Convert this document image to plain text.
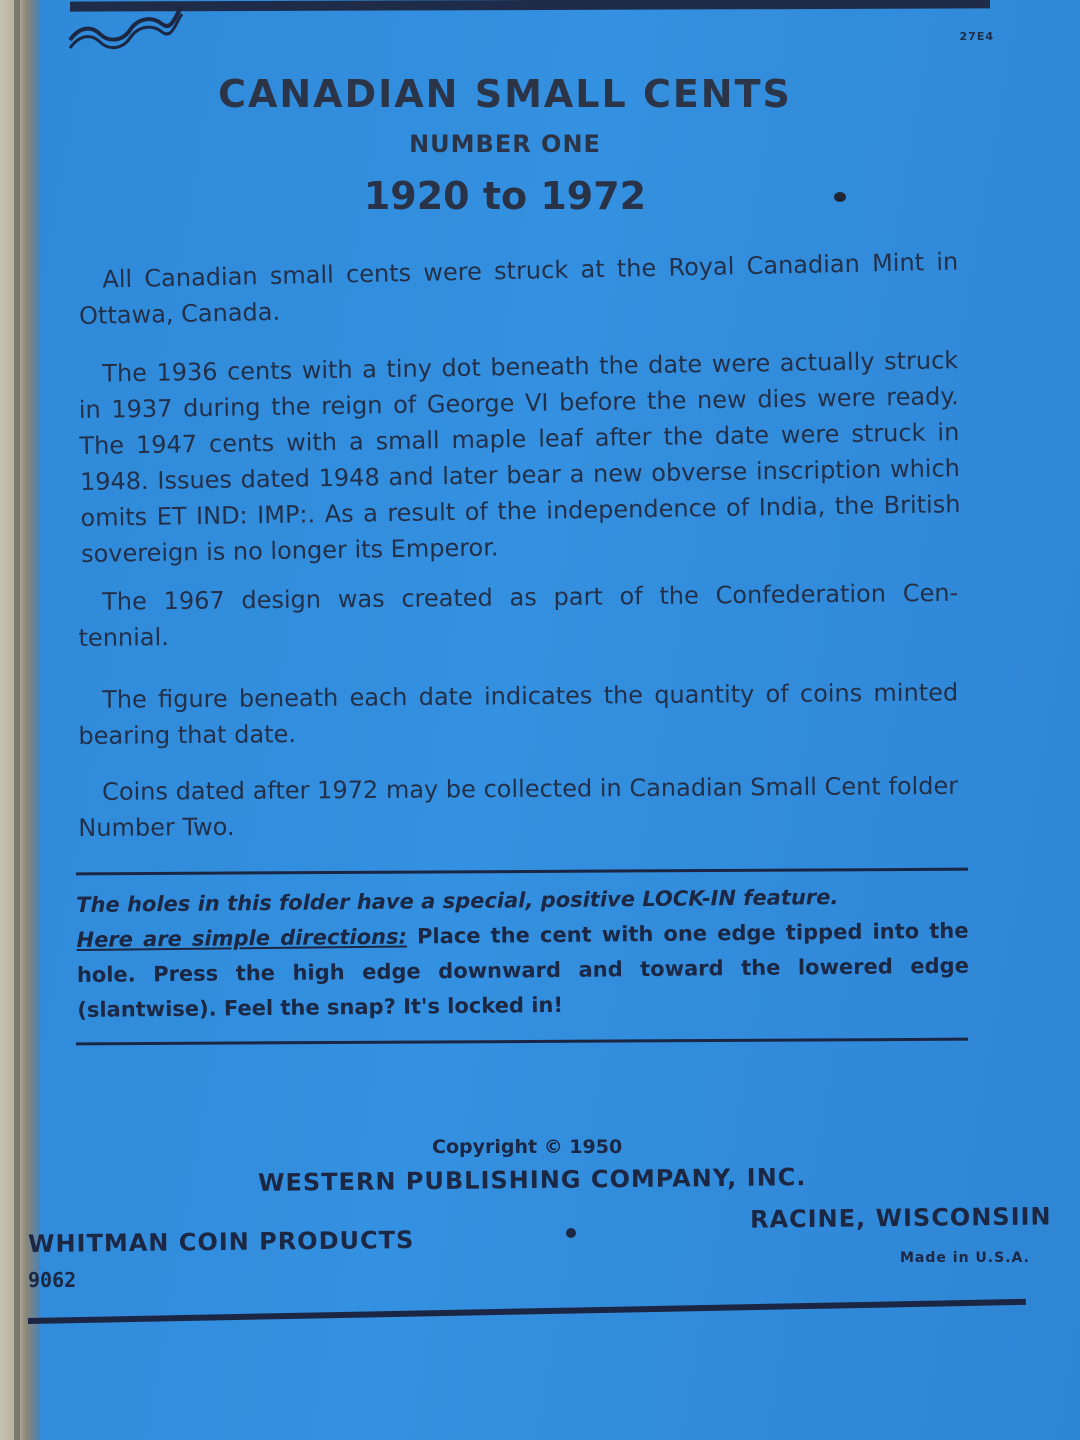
27E4
CANADIAN SMALL CENTS
NUMBER ONE
1920 to 1972
All Canadian small cents were struck at the Royal Canadian Mint in Ottawa, Canada.
The 1936 cents with a tiny dot beneath the date were actually struck in 1937 during the reign of George VI before the new dies were ready. The 1947 cents with a small maple leaf after the date were struck in 1948. Issues dated 1948 and later bear a new obverse inscription which omits ET IND: IMP:. As a result of the independence of India, the British sovereign is no longer its Emperor.
The 1967 design was created as part of the Confederation Cen- tennial.
The figure beneath each date indicates the quantity of coins minted bearing that date.
Coins dated after 1972 may be collected in Canadian Small Cent folder Number Two.
The holes in this folder have a special, positive LOCK-IN feature.
Here are simple directions: Place the cent with one edge tipped into the hole. Press the high edge downward and toward the lowered edge (slantwise). Feel the snap? It's locked in!
Copyright © 1950
WESTERN PUBLISHING COMPANY, INC.
WHITMAN COIN PRODUCTS
RACINE, WISCONSIIN
Made in U.S.A.
9062
